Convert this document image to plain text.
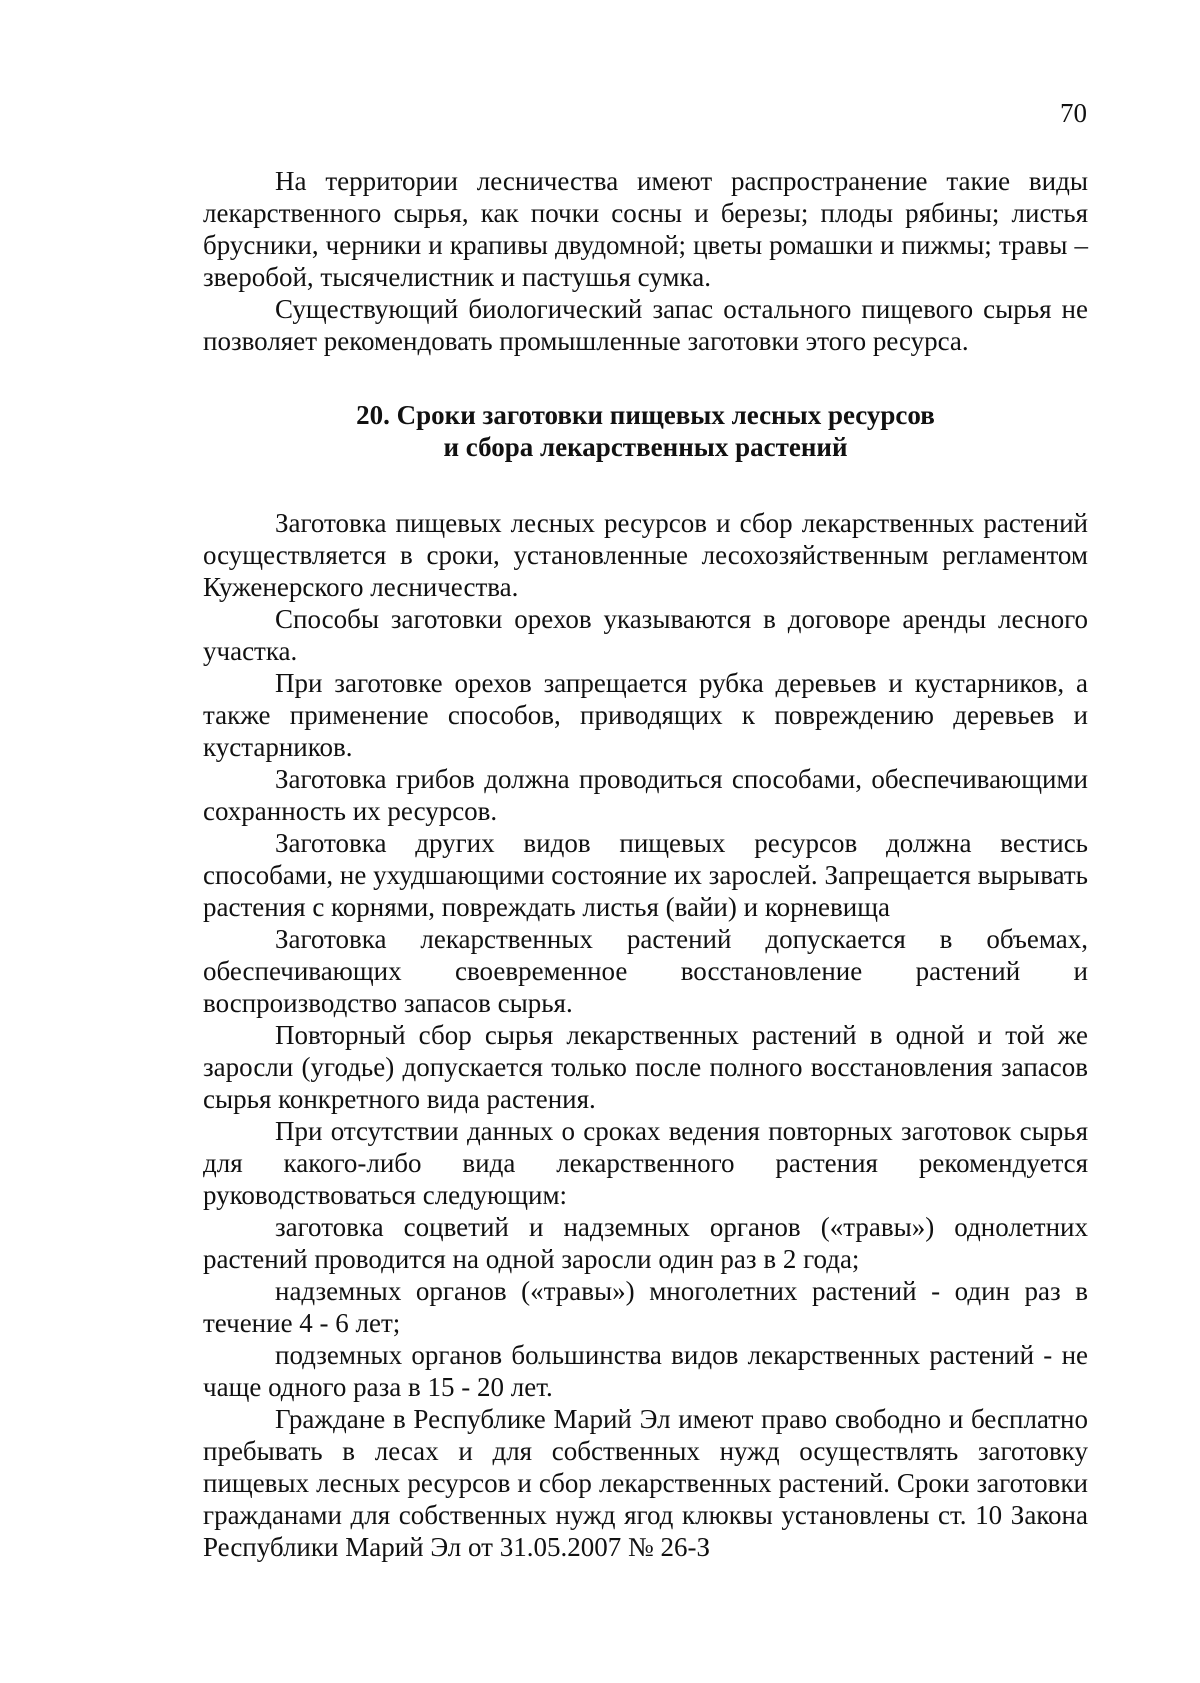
70

На территории лесничества имеют распространение такие виды лекарственного сырья, как почки сосны и березы; плоды рябины; листья брусники, черники и крапивы двудомной; цветы ромашки и пижмы; травы – зверобой, тысячелистник и пастушья сумка.

Существующий биологический запас остального пищевого сырья не позволяет рекомендовать промышленные заготовки этого ресурса.

20. Сроки заготовки пищевых лесных ресурсов
и сбора лекарственных растений

Заготовка пищевых лесных ресурсов и сбор лекарственных растений осуществляется в сроки, установленные лесохозяйственным регламентом Куженерского лесничества.

Способы заготовки орехов указываются в договоре аренды лесного участка.

При заготовке орехов запрещается рубка деревьев и кустарников, а также применение способов, приводящих к повреждению деревьев и кустарников.

Заготовка грибов должна проводиться способами, обеспечивающими сохранность их ресурсов.

Заготовка других видов пищевых ресурсов должна вестись способами, не ухудшающими состояние их зарослей. Запрещается вырывать растения с корнями, повреждать листья (вайи) и корневища

Заготовка лекарственных растений допускается в объемах, обеспечивающих своевременное восстановление растений и воспроизводство запасов сырья.

Повторный сбор сырья лекарственных растений в одной и той же заросли (угодье) допускается только после полного восстановления запасов сырья конкретного вида растения.

При отсутствии данных о сроках ведения повторных заготовок сырья для какого-либо вида лекарственного растения рекомендуется руководствоваться следующим:

заготовка соцветий и надземных органов («травы») однолетних растений проводится на одной заросли один раз в 2 года;

надземных органов («травы») многолетних растений - один раз в течение 4 - 6 лет;

подземных органов большинства видов лекарственных растений - не чаще одного раза в 15 - 20 лет.

Граждане в Республике Марий Эл имеют право свободно и бесплатно пребывать в лесах и для собственных нужд осуществлять заготовку пищевых лесных ресурсов и сбор лекарственных растений. Сроки заготовки гражданами для собственных нужд ягод клюквы установлены ст. 10 Закона Республики Марий Эл от 31.05.2007 № 26-З
